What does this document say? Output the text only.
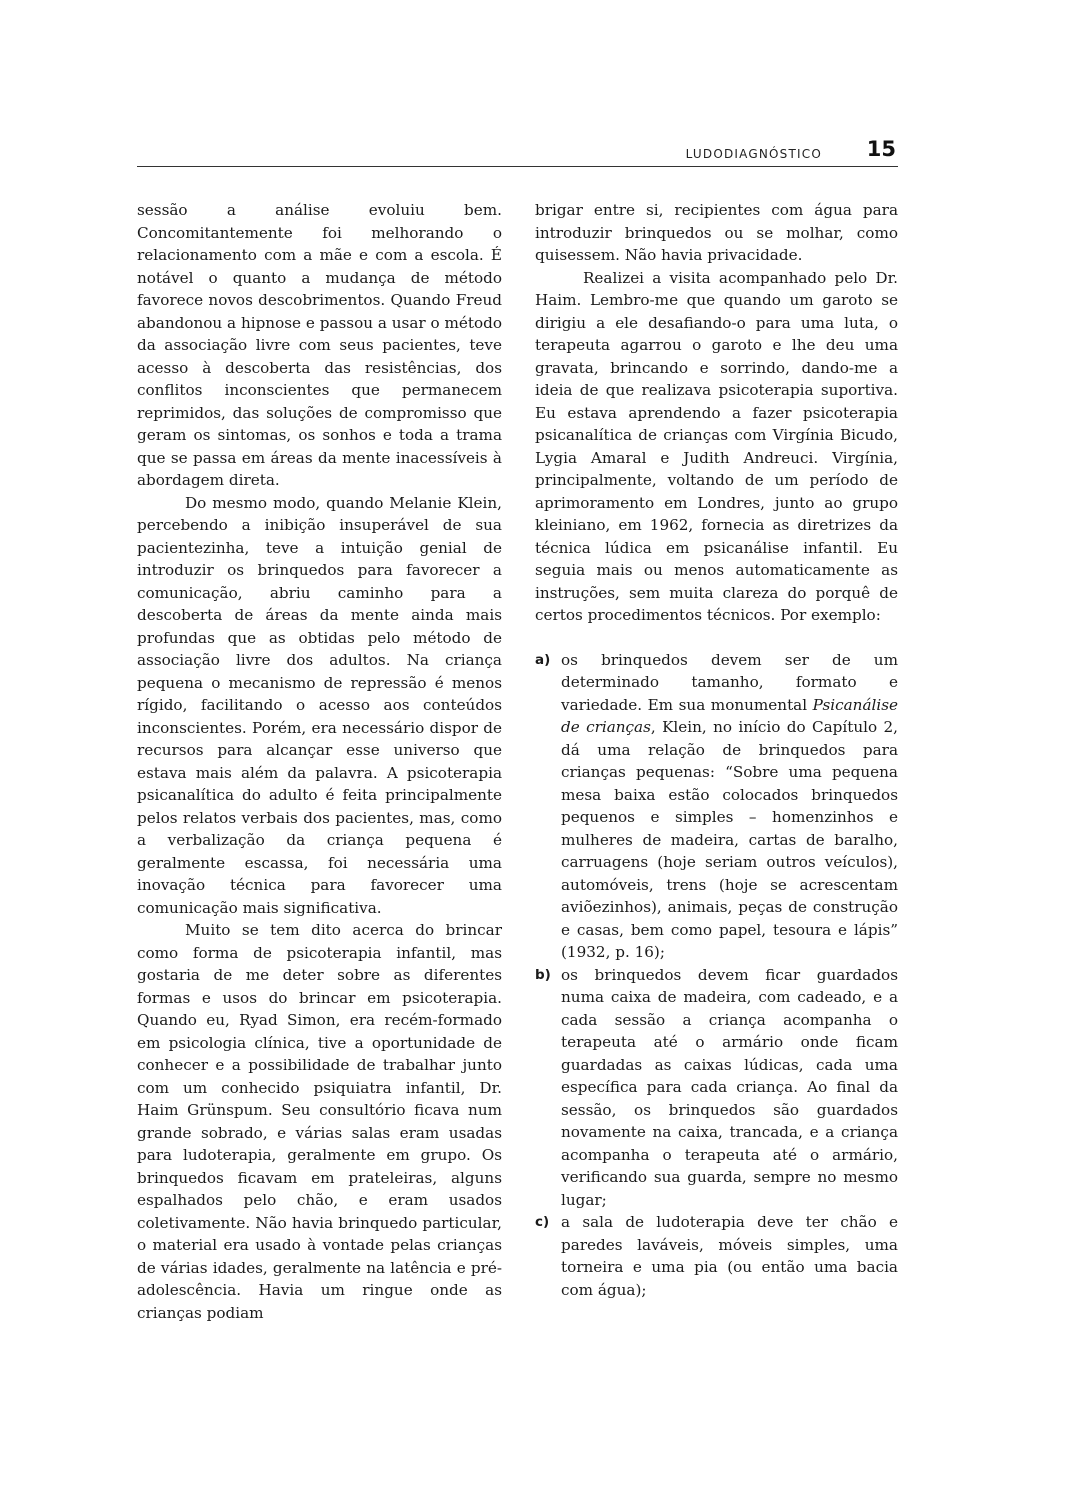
LUDODIAGNÓSTICO 15

sessão a análise evoluiu bem. Concomitantemente foi melhorando o relacionamento com a mãe e com a escola. É notável o quanto a mudança de método favorece novos descobrimentos. Quando Freud abandonou a hipnose e passou a usar o método da associação livre com seus pacientes, teve acesso à descoberta das resistências, dos conflitos inconscientes que permanecem reprimidos, das soluções de compromisso que geram os sintomas, os sonhos e toda a trama que se passa em áreas da mente inacessíveis à abordagem direta.

Do mesmo modo, quando Melanie Klein, percebendo a inibição insuperável de sua pacientezinha, teve a intuição genial de introduzir os brinquedos para favorecer a comunicação, abriu caminho para a descoberta de áreas da mente ainda mais profundas que as obtidas pelo método de associação livre dos adultos. Na criança pequena o mecanismo de repressão é menos rígido, facilitando o acesso aos conteúdos inconscientes. Porém, era necessário dispor de recursos para alcançar esse universo que estava mais além da palavra. A psicoterapia psicanalítica do adulto é feita principalmente pelos relatos verbais dos pacientes, mas, como a verbalização da criança pequena é geralmente escassa, foi necessária uma inovação técnica para favorecer uma comunicação mais significativa.

Muito se tem dito acerca do brincar como forma de psicoterapia infantil, mas gostaria de me deter sobre as diferentes formas e usos do brincar em psicoterapia. Quando eu, Ryad Simon, era recém-formado em psicologia clínica, tive a oportunidade de conhecer e a possibilidade de trabalhar junto com um conhecido psiquiatra infantil, Dr. Haim Grünspum. Seu consultório ficava num grande sobrado, e várias salas eram usadas para ludoterapia, geralmente em grupo. Os brinquedos ficavam em prateleiras, alguns espalhados pelo chão, e eram usados coletivamente. Não havia brinquedo particular, o material era usado à vontade pelas crianças de várias idades, geralmente na latência e pré-adolescência. Havia um ringue onde as crianças podiam

brigar entre si, recipientes com água para introduzir brinquedos ou se molhar, como quisessem. Não havia privacidade.

Realizei a visita acompanhado pelo Dr. Haim. Lembro-me que quando um garoto se dirigiu a ele desafiando-o para uma luta, o terapeuta agarrou o garoto e lhe deu uma gravata, brincando e sorrindo, dando-me a ideia de que realizava psicoterapia suportiva. Eu estava aprendendo a fazer psicoterapia psicanalítica de crianças com Virgínia Bicudo, Lygia Amaral e Judith Andreuci. Virgínia, principalmente, voltando de um período de aprimoramento em Londres, junto ao grupo kleiniano, em 1962, fornecia as diretrizes da técnica lúdica em psicanálise infantil. Eu seguia mais ou menos automaticamente as instruções, sem muita clareza do porquê de certos procedimentos técnicos. Por exemplo:

a) os brinquedos devem ser de um determinado tamanho, formato e variedade. Em sua monumental Psicanálise de crianças, Klein, no início do Capítulo 2, dá uma relação de brinquedos para crianças pequenas: “Sobre uma pequena mesa baixa estão colocados brinquedos pequenos e simples – homenzinhos e mulheres de madeira, cartas de baralho, carruagens (hoje seriam outros veículos), automóveis, trens (hoje se acrescentam aviõezinhos), animais, peças de construção e casas, bem como papel, tesoura e lápis” (1932, p. 16);
b) os brinquedos devem ficar guardados numa caixa de madeira, com cadeado, e a cada sessão a criança acompanha o terapeuta até o armário onde ficam guardadas as caixas lúdicas, cada uma específica para cada criança. Ao final da sessão, os brinquedos são guardados novamente na caixa, trancada, e a criança acompanha o terapeuta até o armário, verificando sua guarda, sempre no mesmo lugar;
c) a sala de ludoterapia deve ter chão e paredes laváveis, móveis simples, uma torneira e uma pia (ou então uma bacia com água);
